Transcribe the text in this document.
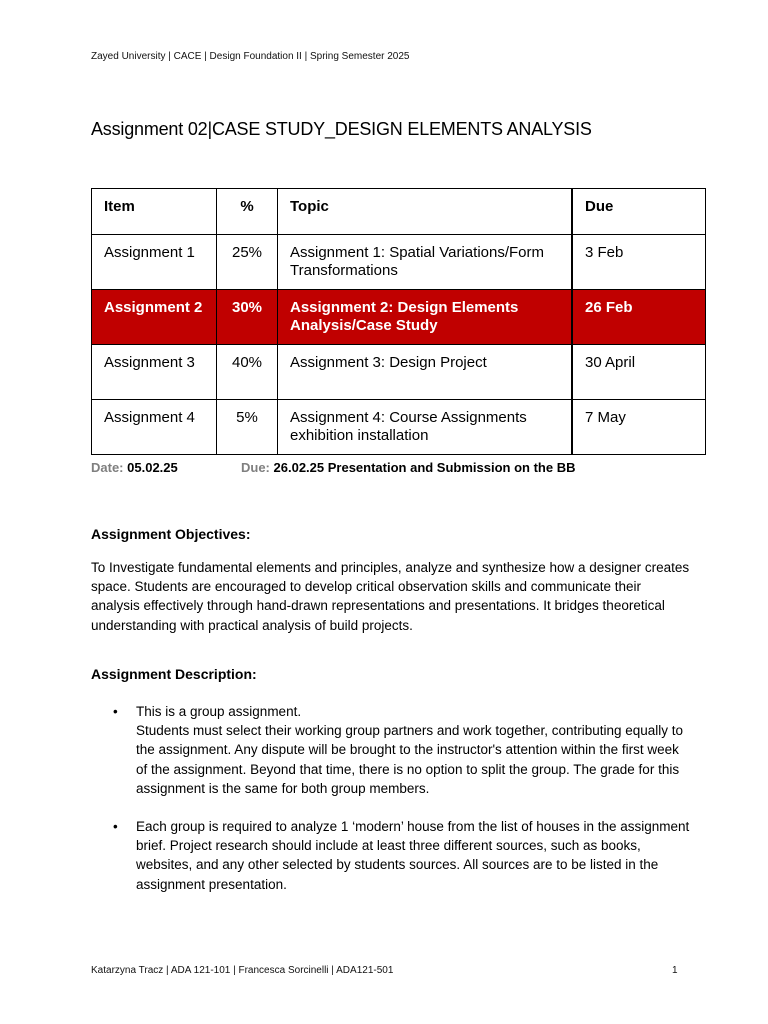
Zayed University | CACE | Design Foundation II | Spring Semester 2025
Assignment 02|CASE STUDY_DESIGN ELEMENTS ANALYSIS
Item	%	Topic	Due
Assignment 1	25%	Assignment 1: Spatial Variations/Form Transformations	3 Feb
Assignment 2	30%	Assignment 2: Design Elements Analysis/Case Study	26 Feb
Assignment 3	40%	Assignment 3: Design Project	30 April
Assignment 4	5%	Assignment 4: Course Assignments exhibition installation	7 May
Date: 05.02.25	Due: 26.02.25 Presentation and Submission on the BB
Assignment Objectives:
To Investigate fundamental elements and principles, analyze and synthesize how a designer creates space. Students are encouraged to develop critical observation skills and communicate their analysis effectively through hand-drawn representations and presentations. It bridges theoretical understanding with practical analysis of build projects.
Assignment Description:
• This is a group assignment.
Students must select their working group partners and work together, contributing equally to the assignment. Any dispute will be brought to the instructor's attention within the first week of the assignment. Beyond that time, there is no option to split the group. The grade for this assignment is the same for both group members.
• Each group is required to analyze 1 ‘modern’ house from the list of houses in the assignment brief. Project research should include at least three different sources, such as books, websites, and any other selected by students sources. All sources are to be listed in the assignment presentation.
Katarzyna Tracz | ADA 121-101 | Francesca Sorcinelli | ADA121-501	1
